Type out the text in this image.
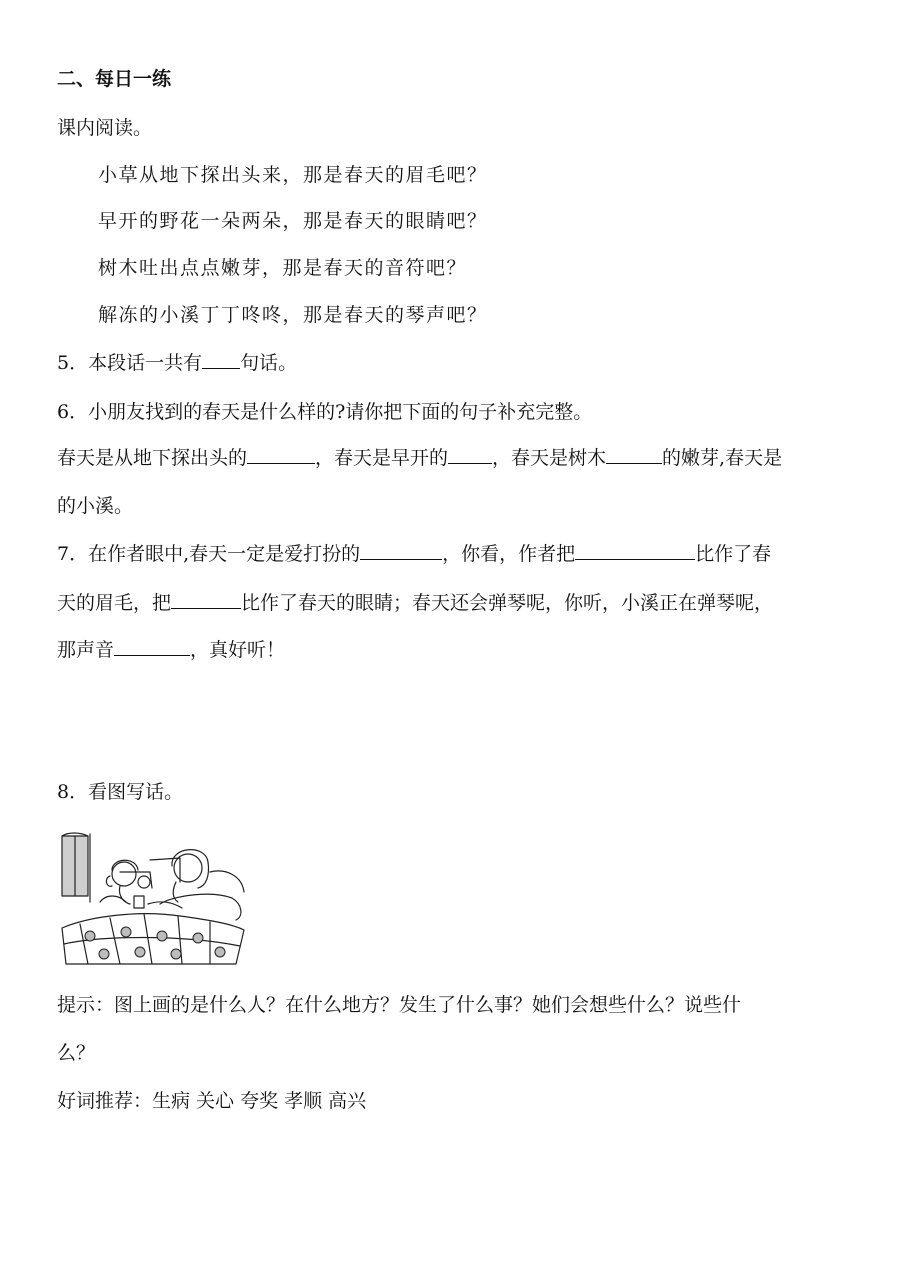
二、每日一练
课内阅读。
小草从地下探出头来，那是春天的眉毛吧？
早开的野花一朵两朵，那是春天的眼睛吧？
树木吐出点点嫩芽，那是春天的音符吧？
解冻的小溪丁丁咚咚，那是春天的琴声吧？
5．本段话一共有 句话。
6．小朋友找到的春天是什么样的?请你把下面的句子补充完整。
春天是从地下探出头的	，春天是早开的 ，春天是树木	的嫩芽,春天是
的小溪。
7．在作者眼中,春天一定是爱打扮的	，你看，作者把	比作了春
天的眉毛，把	比作了春天的眼睛；春天还会弹琴呢，你听，小溪正在弹琴呢，
那声音	，真好听！
8．看图写话。
提示：图上画的是什么人？在什么地方？发生了什么事？她们会想些什么？说些什
么？
好词推荐：生病 关心 夸奖 孝顺 高兴
